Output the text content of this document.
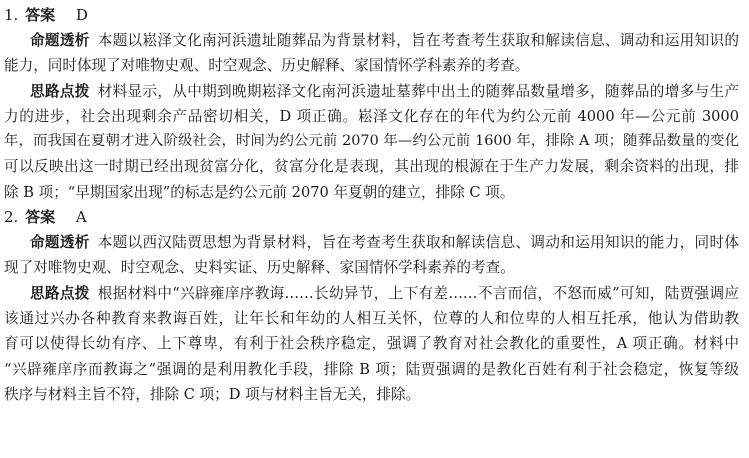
1. 答案 D
命题透析 本题以崧泽文化南河浜遗址随葬品为背景材料，旨在考查考生获取和解读信息、调动和运用知识的
能力，同时体现了对唯物史观、时空观念、历史解释、家国情怀学科素养的考查。
思路点拨 材料显示，从中期到晚期崧泽文化南河浜遗址墓葬中出土的随葬品数量增多，随葬品的增多与生产
力的进步，社会出现剩余产品密切相关，D 项正确。崧泽文化存在的年代为约公元前 4000 年—公元前 3000
年，而我国在夏朝才进入阶级社会，时间为约公元前 2070 年—约公元前 1600 年，排除 A 项；随葬品数量的变化
可以反映出这一时期已经出现贫富分化，贫富分化是表现，其出现的根源在于生产力发展，剩余资料的出现，排
除 B 项；“早期国家出现”的标志是约公元前 2070 年夏朝的建立，排除 C 项。
2. 答案 A
命题透析 本题以西汉陆贾思想为背景材料，旨在考查考生获取和解读信息、调动和运用知识的能力，同时体
现了对唯物史观、时空观念、史料实证、历史解释、家国情怀学科素养的考查。
思路点拨 根据材料中“兴辟雍庠序教诲……长幼异节，上下有差……不言而信，不怒而威”可知，陆贾强调应
该通过兴办各种教育来教诲百姓，让年长和年幼的人相互关怀，位尊的人和位卑的人相互托承，他认为借助教
育可以使得长幼有序、上下尊卑，有利于社会秩序稳定，强调了教育对社会教化的重要性，A 项正确。材料中
“兴辟雍庠序而教诲之”强调的是利用教化手段，排除 B 项；陆贾强调的是教化百姓有利于社会稳定，恢复等级
秩序与材料主旨不符，排除 C 项；D 项与材料主旨无关，排除。
